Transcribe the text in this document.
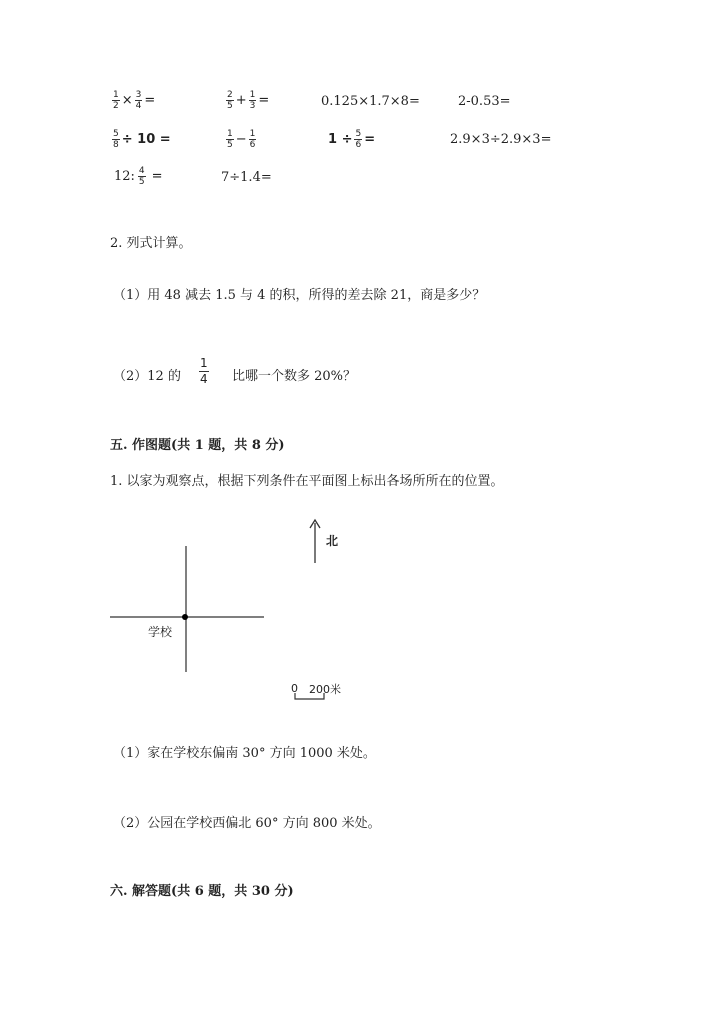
$\frac{1}{2} \times \frac{3}{4}$ =	$\frac{2}{5} + \frac{1}{3}$ =	0.125×1.7×8=	2-0.53=
$\frac{5}{8} \div 10$ =	$\frac{1}{5} - \frac{1}{6}$	$1 \div \frac{5}{6}$ =	2.9×3÷2.9×3=
12: $\frac{4}{5}$ =	7÷1.4=
2. 列式计算。
（1）用 48 减去 1.5 与 4 的积，所得的差去除 21，商是多少？
（2）12 的 $\frac{1}{4}$ 比哪一个数多 20%？
五. 作图题(共 1 题，共 8 分)
1. 以家为观察点，根据下列条件在平面图上标出各场所所在的位置。
北
学校
0 200米
（1）家在学校东偏南 30° 方向 1000 米处。
（2）公园在学校西偏北 60° 方向 800 米处。
六. 解答题(共 6 题，共 30 分)
